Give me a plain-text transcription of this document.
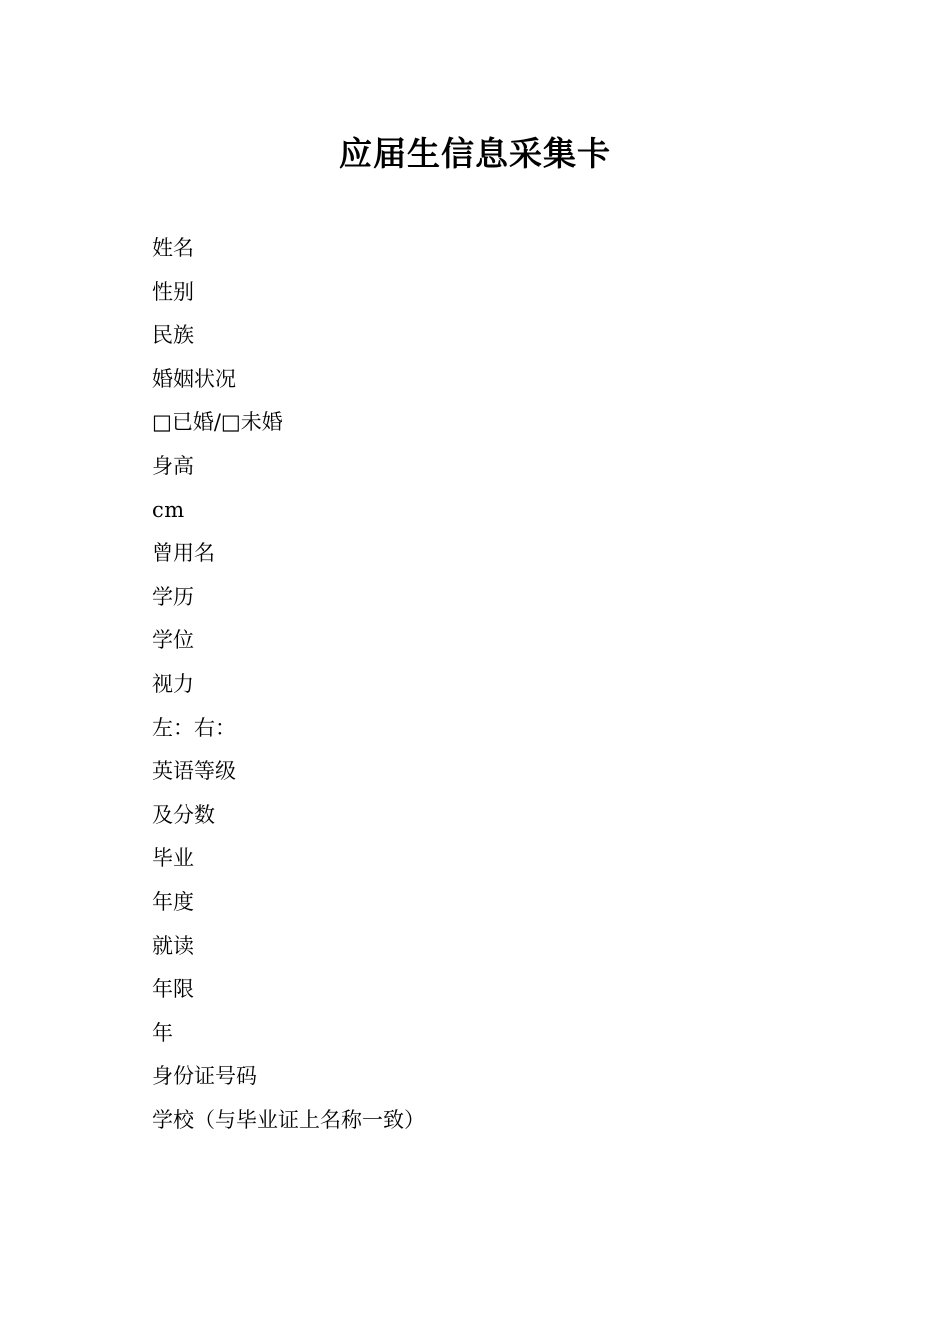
应届生信息采集卡
姓名
性别
民族
婚姻状况
□已婚/□未婚
身高
cm
曾用名
学历
学位
视力
左：右：
英语等级
及分数
毕业
年度
就读
年限
年
身份证号码
学校（与毕业证上名称一致）
